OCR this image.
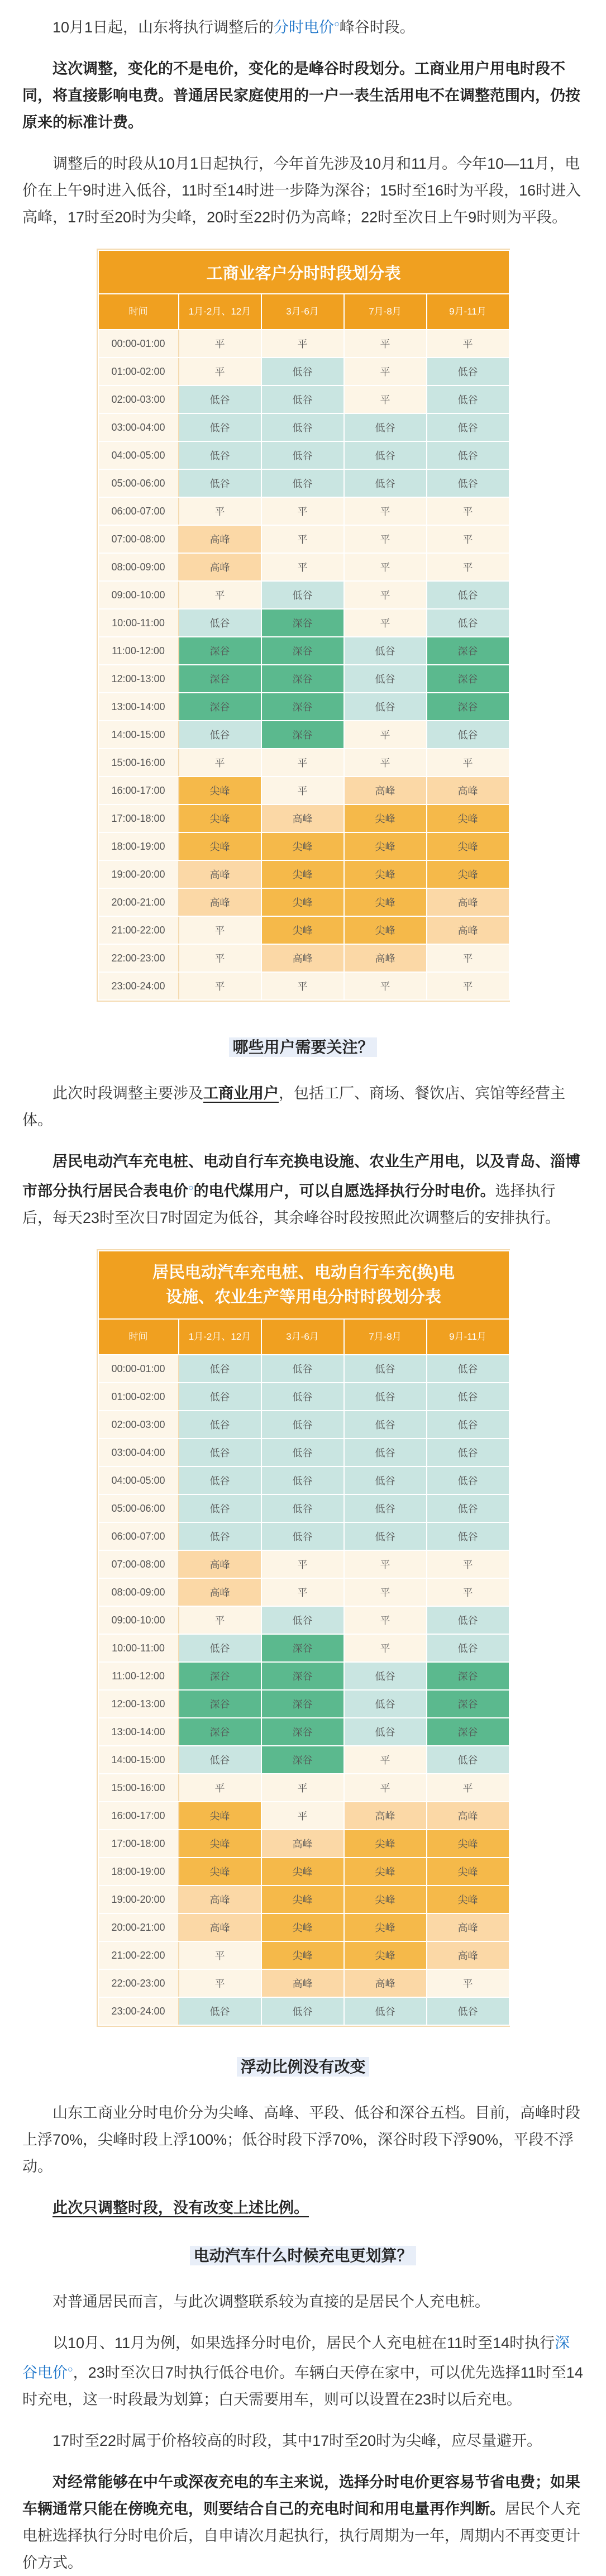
10月1日起，山东将执行调整后的分时电价○峰谷时段。

这次调整，变化的不是电价，变化的是峰谷时段划分。工商业用户用电时段不同，将直接影响电费。普通居民家庭使用的一户一表生活用电不在调整范围内，仍按原来的标准计费。

调整后的时段从10月1日起执行，今年首先涉及10月和11月。今年10—11月，电价在上午9时进入低谷，11时至14时进一步降为深谷；15时至16时为平段，16时进入高峰，17时至20时为尖峰，20时至22时仍为高峰；22时至次日上午9时则为平段。

工商业客户分时时段划分表				
时间	1月-2月、12月	3月-6月	7月-8月	9月-11月
00:00-01:00	平	平	平	平
01:00-02:00	平	低谷	平	低谷
02:00-03:00	低谷	低谷	平	低谷
03:00-04:00	低谷	低谷	低谷	低谷
04:00-05:00	低谷	低谷	低谷	低谷
05:00-06:00	低谷	低谷	低谷	低谷
06:00-07:00	平	平	平	平
07:00-08:00	高峰	平	平	平
08:00-09:00	高峰	平	平	平
09:00-10:00	平	低谷	平	低谷
10:00-11:00	低谷	深谷	平	低谷
11:00-12:00	深谷	深谷	低谷	深谷
12:00-13:00	深谷	深谷	低谷	深谷
13:00-14:00	深谷	深谷	低谷	深谷
14:00-15:00	低谷	深谷	平	低谷
15:00-16:00	平	平	平	平
16:00-17:00	尖峰	平	高峰	高峰
17:00-18:00	尖峰	高峰	尖峰	尖峰
18:00-19:00	尖峰	尖峰	尖峰	尖峰
19:00-20:00	高峰	尖峰	尖峰	尖峰
20:00-21:00	高峰	尖峰	尖峰	高峰
21:00-22:00	平	尖峰	尖峰	高峰
22:00-23:00	平	高峰	高峰	平
23:00-24:00	平	平	平	平
哪些用户需要关注？

此次时段调整主要涉及工商业用户，包括工厂、商场、餐饮店、宾馆等经营主体。

居民电动汽车充电桩、电动自行车充换电设施、农业生产用电，以及青岛、淄博市部分执行居民合表电价○的电代煤用户，可以自愿选择执行分时电价。选择执行后，每天23时至次日7时固定为低谷，其余峰谷时段按照此次调整后的安排执行。

居民电动汽车充电桩、电动自行车充(换)电
设施、农业生产等用电分时时段划分表				
时间	1月-2月、12月	3月-6月	7月-8月	9月-11月
00:00-01:00	低谷	低谷	低谷	低谷
01:00-02:00	低谷	低谷	低谷	低谷
02:00-03:00	低谷	低谷	低谷	低谷
03:00-04:00	低谷	低谷	低谷	低谷
04:00-05:00	低谷	低谷	低谷	低谷
05:00-06:00	低谷	低谷	低谷	低谷
06:00-07:00	低谷	低谷	低谷	低谷
07:00-08:00	高峰	平	平	平
08:00-09:00	高峰	平	平	平
09:00-10:00	平	低谷	平	低谷
10:00-11:00	低谷	深谷	平	低谷
11:00-12:00	深谷	深谷	低谷	深谷
12:00-13:00	深谷	深谷	低谷	深谷
13:00-14:00	深谷	深谷	低谷	深谷
14:00-15:00	低谷	深谷	平	低谷
15:00-16:00	平	平	平	平
16:00-17:00	尖峰	平	高峰	高峰
17:00-18:00	尖峰	高峰	尖峰	尖峰
18:00-19:00	尖峰	尖峰	尖峰	尖峰
19:00-20:00	高峰	尖峰	尖峰	尖峰
20:00-21:00	高峰	尖峰	尖峰	高峰
21:00-22:00	平	尖峰	尖峰	高峰
22:00-23:00	平	高峰	高峰	平
23:00-24:00	低谷	低谷	低谷	低谷
浮动比例没有改变

山东工商业分时电价分为尖峰、高峰、平段、低谷和深谷五档。目前，高峰时段上浮70%，尖峰时段上浮100%；低谷时段下浮70%，深谷时段下浮90%，平段不浮动。

此次只调整时段，没有改变上述比例。

电动汽车什么时候充电更划算？

对普通居民而言，与此次调整联系较为直接的是居民个人充电桩。

以10月、11月为例，如果选择分时电价，居民个人充电桩在11时至14时执行深谷电价○，23时至次日7时执行低谷电价。车辆白天停在家中，可以优先选择11时至14时充电，这一时段最为划算；白天需要用车，则可以设置在23时以后充电。

17时至22时属于价格较高的时段，其中17时至20时为尖峰，应尽量避开。

对经常能够在中午或深夜充电的车主来说，选择分时电价更容易节省电费；如果车辆通常只能在傍晚充电，则要结合自己的充电时间和用电量再作判断。居民个人充电桩选择执行分时电价后，自申请次月起执行，执行周期为一年，周期内不再变更计价方式。
